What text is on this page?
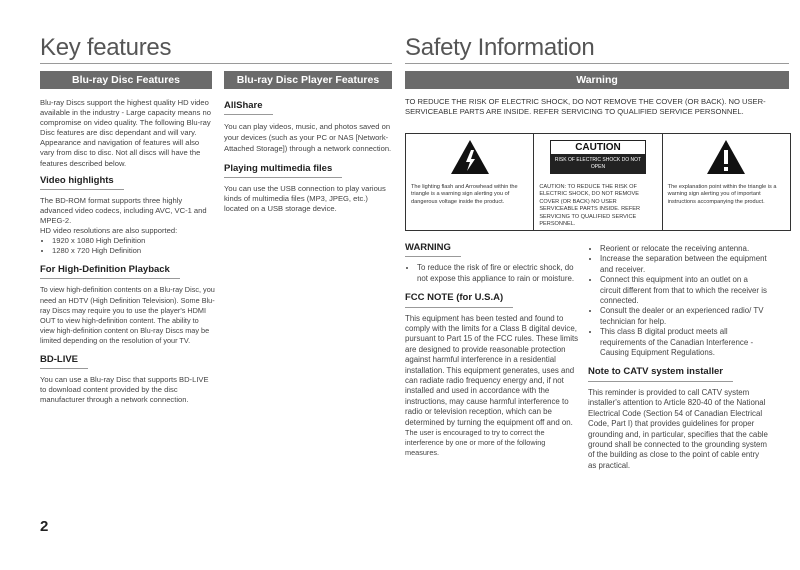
Key features	Safety Information
Blu-ray Disc Features	Blu-ray Disc Player Features	Warning

Blu-ray Discs support the highest quality HD video available in the industry - Large capacity means no compromise on video quality. The following Blu-ray Disc features are disc dependant and will vary. Appearance and navigation of features will also vary from disc to disc. Not all discs will have the features described below.

Video highlights

The BD-ROM format supports three highly advanced video codecs, including AVC, VC-1 and MPEG-2.

HD video resolutions are also supported:

• 1920 x 1080 High Definition
• 1280 x 720 High Definition
For High-Definition Playback

To view high-definition contents on a Blu-ray Disc, you need an HDTV (High Definition Television). Some Blu-ray Discs may require you to use the player's HDMI OUT to view high-definition content. The ability to view high-definition content on Blu-ray Discs may be limited depending on the resolution of your TV.

BD-LIVE

You can use a Blu-ray Disc that supports BD-LIVE to download content provided by the disc manufacturer through a network connection.

AllShare

You can play videos, music, and photos saved on your devices (such as your PC or NAS [Network-Attached Storage]) through a network connection.

Playing multimedia files

You can use the USB connection to play various kinds of multimedia files (MP3, JPEG, etc.) located on a USB storage device.

TO REDUCE THE RISK OF ELECTRIC SHOCK, DO NOT REMOVE THE COVER (OR BACK). NO USER-SERVICEABLE PARTS ARE INSIDE. REFER SERVICING TO QUALIFIED SERVICE PERSONNEL.
The lighting flash and Arrowhead within the triangle is a warning sign alerting you of dangerous voltage inside the product.
CAUTION
RISK OF ELECTRIC SHOCK DO NOT OPEN
CAUTION: TO REDUCE THE RISK OF ELECTRIC SHOCK, DO NOT REMOVE COVER (OR BACK) NO USER SERVICEABLE PARTS INSIDE. REFER SERVICING TO QUALIFIED SERVICE PERSONNEL.
The explanation point within the triangle is a warning sign alerting you of important instructions accompanying the product.
WARNING
• To reduce the risk of fire or electric shock, do not expose this appliance to rain or moisture.
FCC NOTE (for U.S.A)

This equipment has been tested and found to comply with the limits for a Class B digital device, pursuant to Part 15 of the FCC rules. These limits are designed to provide reasonable protection against harmful interference in a residential installation. This equipment generates, uses and can radiate radio frequency energy and, if not installed and used in accordance with the instructions, may cause harmful interference to radio or television reception, which can be determined by turning the equipment off and on.

The user is encouraged to try to correct the interference by one or more of the following measures.

• Reorient or relocate the receiving antenna.
• Increase the separation between the equipment and receiver.
• Connect this equipment into an outlet on a circuit different from that to which the receiver is connected.
• Consult the dealer or an experienced radio/ TV technician for help.
• This class B digital product meets all requirements of the Canadian Interference - Causing Equipment Regulations.
Note to CATV system installer

This reminder is provided to call CATV system installer's attention to Article 820-40 of the National Electrical Code (Section 54 of Canadian Electrical Code, Part I) that provides guidelines for proper grounding and, in particular, specifies that the cable ground shall be connected to the grounding system of the building as close to the point of cable entry as practical.

2
